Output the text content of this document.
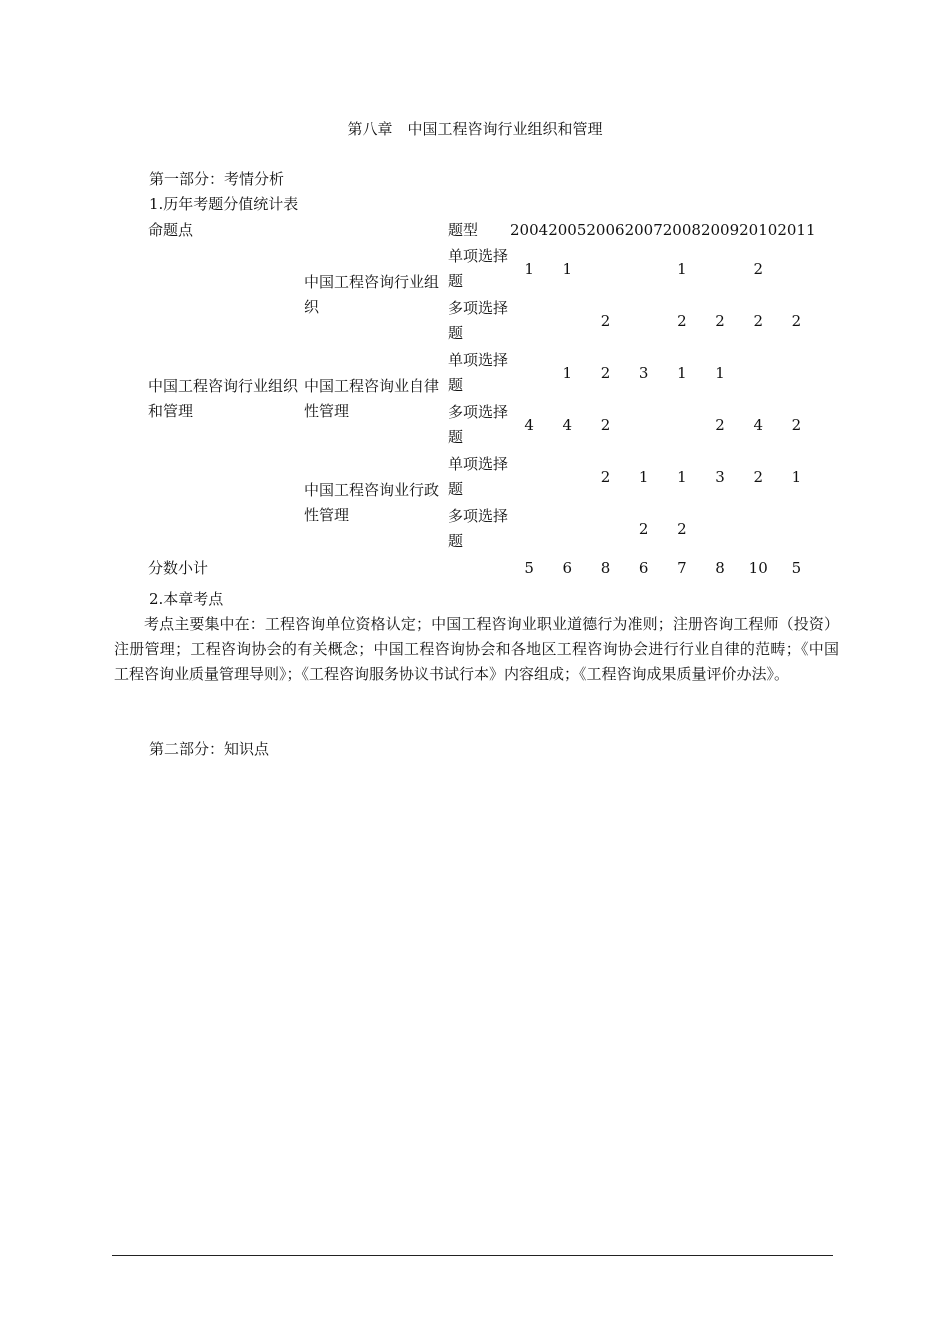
第八章　中国工程咨询行业组织和管理
第一部分：考情分析
1.历年考题分值统计表
命题点		题型	2004	2005	2006	2007	2008	2009	2010	2011
中国工程咨询行业组织和管理	中国工程咨询行业组织	单项选择题	1	1			1		2	
		多项选择题			2		2	2	2	2
	中国工程咨询业自律性管理	单项选择题		1	2	3	1	1		
		多项选择题	4	4	2			2	4	2
	中国工程咨询业行政性管理	单项选择题			2	1	1	3	2	1
		多项选择题				2	2			
分数小计			5	6	8	6	7	8	10	5
2.本章考点
考点主要集中在：工程咨询单位资格认定；中国工程咨询业职业道德行为准则；注册咨询工程师（投资）注册管理；工程咨询协会的有关概念；中国工程咨询协会和各地区工程咨询协会进行行业自律的范畴；《中国工程咨询业质量管理导则》；《工程咨询服务协议书试行本》内容组成；《工程咨询成果质量评价办法》。
第二部分：知识点
